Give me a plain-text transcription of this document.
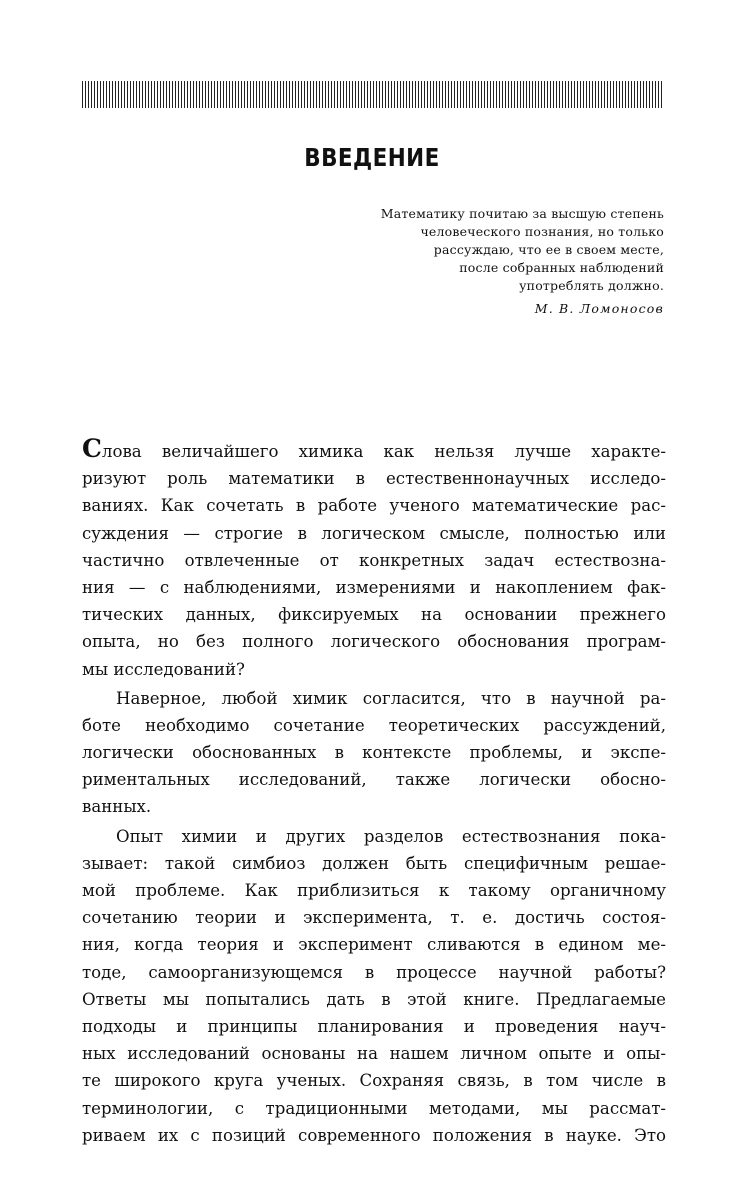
ВВЕДЕНИЕ
Математику почитаю за высшую степень
человеческого познания, но только
рассуждаю, что ее в своем месте,
после собранных наблюдений
употреблять должно.
М. В. Ломоносов
Слова величайшего химика как нельзя лучше характе-
ризуют роль математики в естественнонаучных исследо-
ваниях. Как сочетать в работе ученого математические рас-
суждения — строгие в логическом смысле, полностью или
частично отвлеченные от конкретных задач естествозна-
ния — с наблюдениями, измерениями и накоплением фак-
тических данных, фиксируемых на основании прежнего
опыта, но без полного логического обоснования програм-
мы исследований?
Наверное, любой химик согласится, что в научной ра-
боте необходимо сочетание теоретических рассуждений,
логически обоснованных в контексте проблемы, и экспе-
риментальных исследований, также логически обосно-
ванных.
Опыт химии и других разделов естествознания пока-
зывает: такой симбиоз должен быть специфичным решае-
мой проблеме. Как приблизиться к такому органичному
сочетанию теории и эксперимента, т. е. достичь состоя-
ния, когда теория и эксперимент сливаются в едином ме-
тоде, самоорганизующемся в процессе научной работы?
Ответы мы попытались дать в этой книге. Предлагаемые
подходы и принципы планирования и проведения науч-
ных исследований основаны на нашем личном опыте и опы-
те широкого круга ученых. Сохраняя связь, в том числе в
терминологии, с традиционными методами, мы рассмат-
риваем их с позиций современного положения в науке. Это
